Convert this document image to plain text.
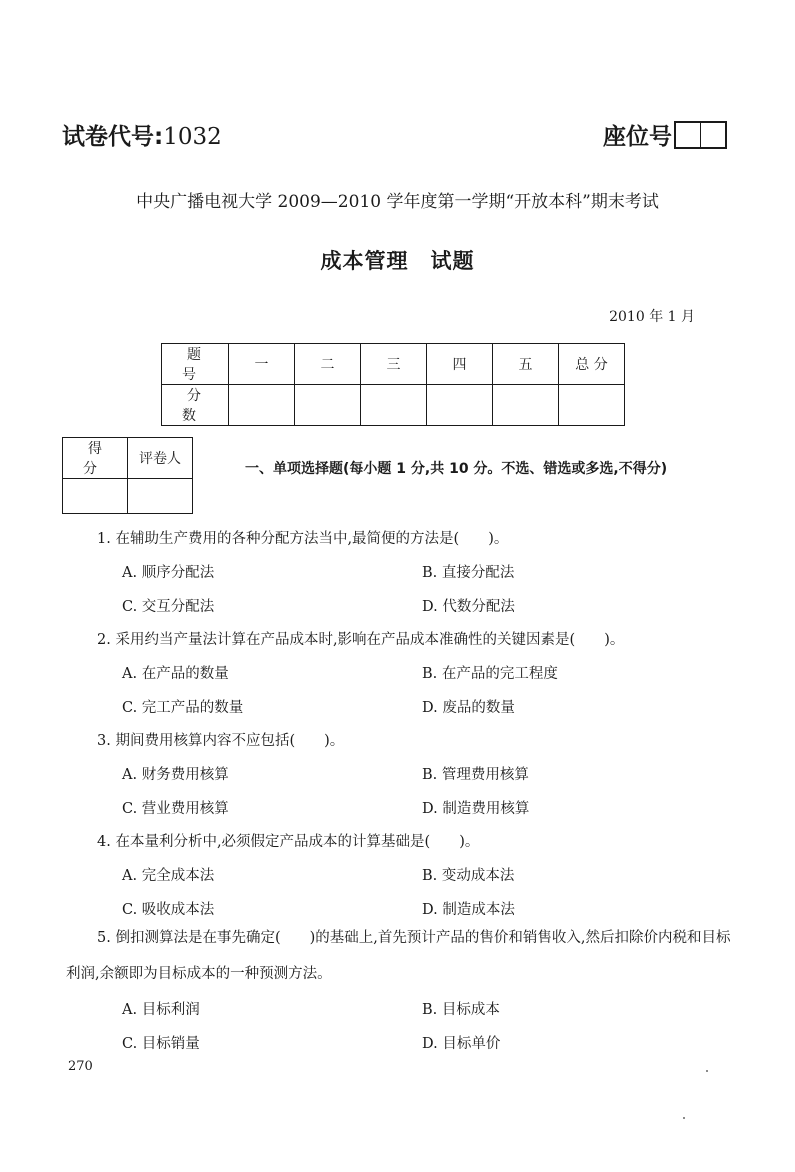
试卷代号:1032	座位号
中央广播电视大学 2009—2010 学年度第一学期“开放本科”期末考试
成本管理　试题
2010 年 1 月
题 号	一	二	三	四	五	总 分
分 数						
得 分	评卷人

一、单项选择题(每小题 1 分,共 10 分。不选、错选或多选,不得分)
1. 在辅助生产费用的各种分配方法当中,最简便的方法是(　　)。
A. 顺序分配法	B. 直接分配法
C. 交互分配法	D. 代数分配法
2. 采用约当产量法计算在产品成本时,影响在产品成本准确性的关键因素是(　　)。
A. 在产品的数量	B. 在产品的完工程度
C. 完工产品的数量	D. 废品的数量
3. 期间费用核算内容不应包括(　　)。
A. 财务费用核算	B. 管理费用核算
C. 营业费用核算	D. 制造费用核算
4. 在本量利分析中,必须假定产品成本的计算基础是(　　)。
A. 完全成本法	B. 变动成本法
C. 吸收成本法	D. 制造成本法
5. 倒扣测算法是在事先确定(　　)的基础上,首先预计产品的售价和销售收入,然后扣除价内税和目标利润,余额即为目标成本的一种预测方法。
A. 目标利润	B. 目标成本
C. 目标销量	D. 目标单价
270
